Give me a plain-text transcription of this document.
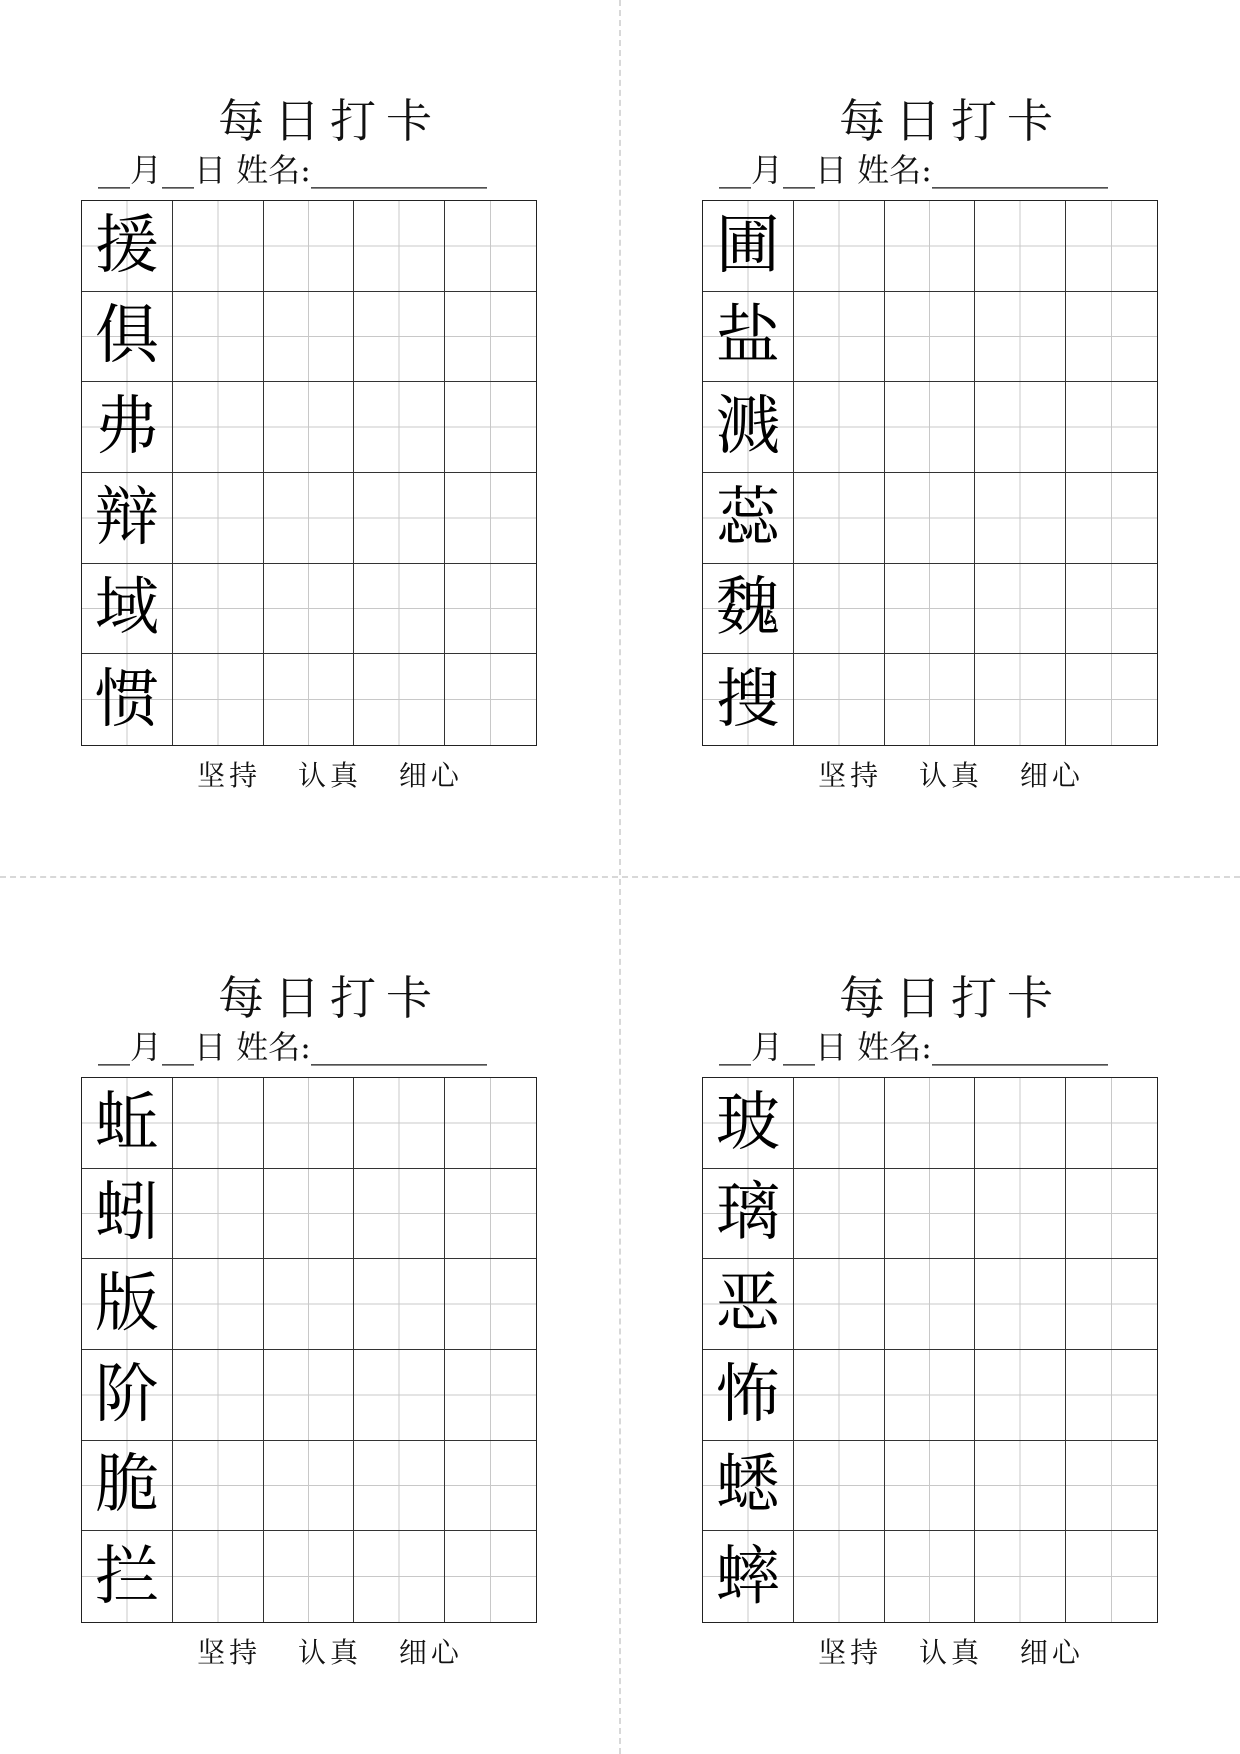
每日打卡
__月__日 姓名:___________
援
俱
弗
辩
域
惯
坚持 认真 细心
每日打卡
__月__日 姓名:___________
圃
盐
溅
蕊
魏
搜
坚持 认真 细心
每日打卡
__月__日 姓名:___________
蚯
蚓
版
阶
脆
拦
坚持 认真 细心
每日打卡
__月__日 姓名:___________
玻
璃
恶
怖
蟋
蟀
坚持 认真 细心
